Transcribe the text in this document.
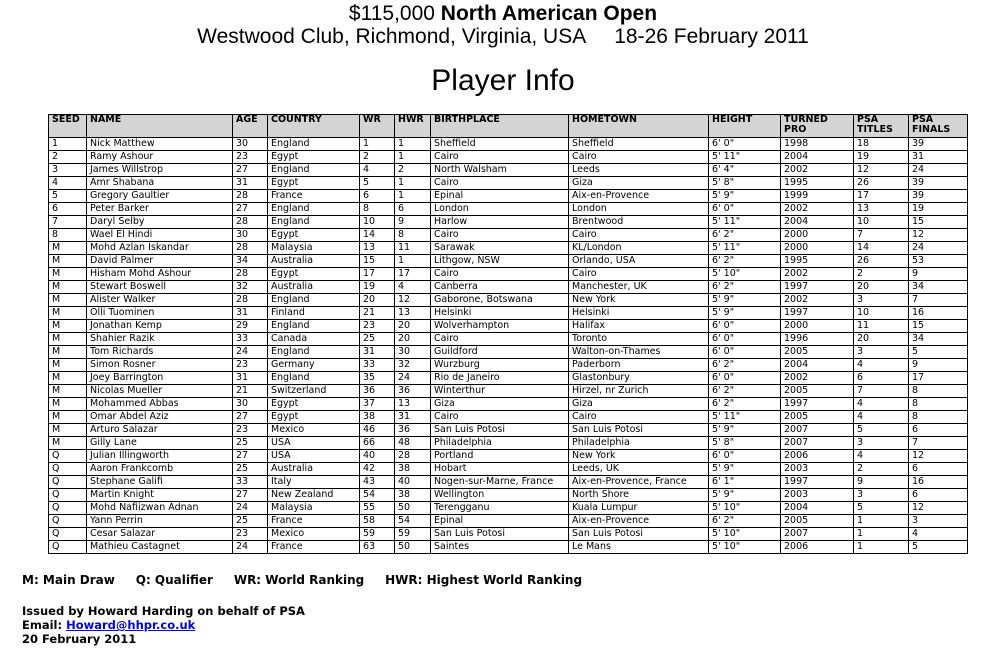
$115,000 North American Open
Westwood Club, Richmond, Virginia, USA 18-26 February 2011
Player Info
SEED	NAME	AGE	COUNTRY	WR	HWR	BIRTHPLACE	HOMETOWN	HEIGHT	TURNED PRO	PSA TITLES	PSA FINALS
1	Nick Matthew	30	England	1	1	Sheffield	Sheffield	6' 0"	1998	18	39
2	Ramy Ashour	23	Egypt	2	1	Cairo	Cairo	5' 11"	2004	19	31
3	James Willstrop	27	England	4	2	North Walsham	Leeds	6' 4"	2002	12	24
4	Amr Shabana	31	Egypt	5	1	Cairo	Giza	5' 8"	1995	26	39
5	Gregory Gaultier	28	France	6	1	Epinal	Aix-en-Provence	5' 9"	1999	17	39
6	Peter Barker	27	England	8	6	London	London	6' 0"	2002	13	19
7	Daryl Selby	28	England	10	9	Harlow	Brentwood	5' 11"	2004	10	15
8	Wael El Hindi	30	Egypt	14	8	Cairo	Cairo	6' 2"	2000	7	12
M	Mohd Azlan Iskandar	28	Malaysia	13	11	Sarawak	KL/London	5' 11"	2000	14	24
M	David Palmer	34	Australia	15	1	Lithgow, NSW	Orlando, USA	6' 2"	1995	26	53
M	Hisham Mohd Ashour	28	Egypt	17	17	Cairo	Cairo	5' 10"	2002	2	9
M	Stewart Boswell	32	Australia	19	4	Canberra	Manchester, UK	6' 2"	1997	20	34
M	Alister Walker	28	England	20	12	Gaborone, Botswana	New York	5' 9"	2002	3	7
M	Olli Tuominen	31	Finland	21	13	Helsinki	Helsinki	5' 9"	1997	10	16
M	Jonathan Kemp	29	England	23	20	Wolverhampton	Halifax	6' 0"	2000	11	15
M	Shahier Razik	33	Canada	25	20	Cairo	Toronto	6' 0"	1996	20	34
M	Tom Richards	24	England	31	30	Guildford	Walton-on-Thames	6' 0"	2005	3	5
M	Simon Rosner	23	Germany	33	32	Wurzburg	Paderborn	6' 2"	2004	4	9
M	Joey Barrington	31	England	35	24	Rio de Janeiro	Glastonbury	6' 0"	2002	6	17
M	Nicolas Mueller	21	Switzerland	36	36	Winterthur	Hirzel, nr Zurich	6' 2"	2005	7	8
M	Mohammed Abbas	30	Egypt	37	13	Giza	Giza	6' 2"	1997	4	8
M	Omar Abdel Aziz	27	Egypt	38	31	Cairo	Cairo	5' 11"	2005	4	8
M	Arturo Salazar	23	Mexico	46	36	San Luis Potosi	San Luis Potosi	5' 9"	2007	5	6
M	Gilly Lane	25	USA	66	48	Philadelphia	Philadelphia	5' 8"	2007	3	7
Q	Julian Illingworth	27	USA	40	28	Portland	New York	6' 0"	2006	4	12
Q	Aaron Frankcomb	25	Australia	42	38	Hobart	Leeds, UK	5' 9"	2003	2	6
Q	Stephane Galifi	33	Italy	43	40	Nogen-sur-Marne, France	Aix-en-Provence, France	6' 1"	1997	9	16
Q	Martin Knight	27	New Zealand	54	38	Wellington	North Shore	5' 9"	2003	3	6
Q	Mohd Nafiizwan Adnan	24	Malaysia	55	50	Terengganu	Kuala Lumpur	5' 10"	2004	5	12
Q	Yann Perrin	25	France	58	54	Epinal	Aix-en-Provence	6' 2"	2005	1	3
Q	Cesar Salazar	23	Mexico	59	59	San Luis Potosi	San Luis Potosi	5' 10"	2007	1	4
Q	Mathieu Castagnet	24	France	63	50	Saintes	Le Mans	5' 10"	2006	1	5
M: Main Draw     Q: Qualifier     WR: World Ranking     HWR: Highest World Ranking
Issued by Howard Harding on behalf of PSA
Email: Howard@hhpr.co.uk
20 February 2011
